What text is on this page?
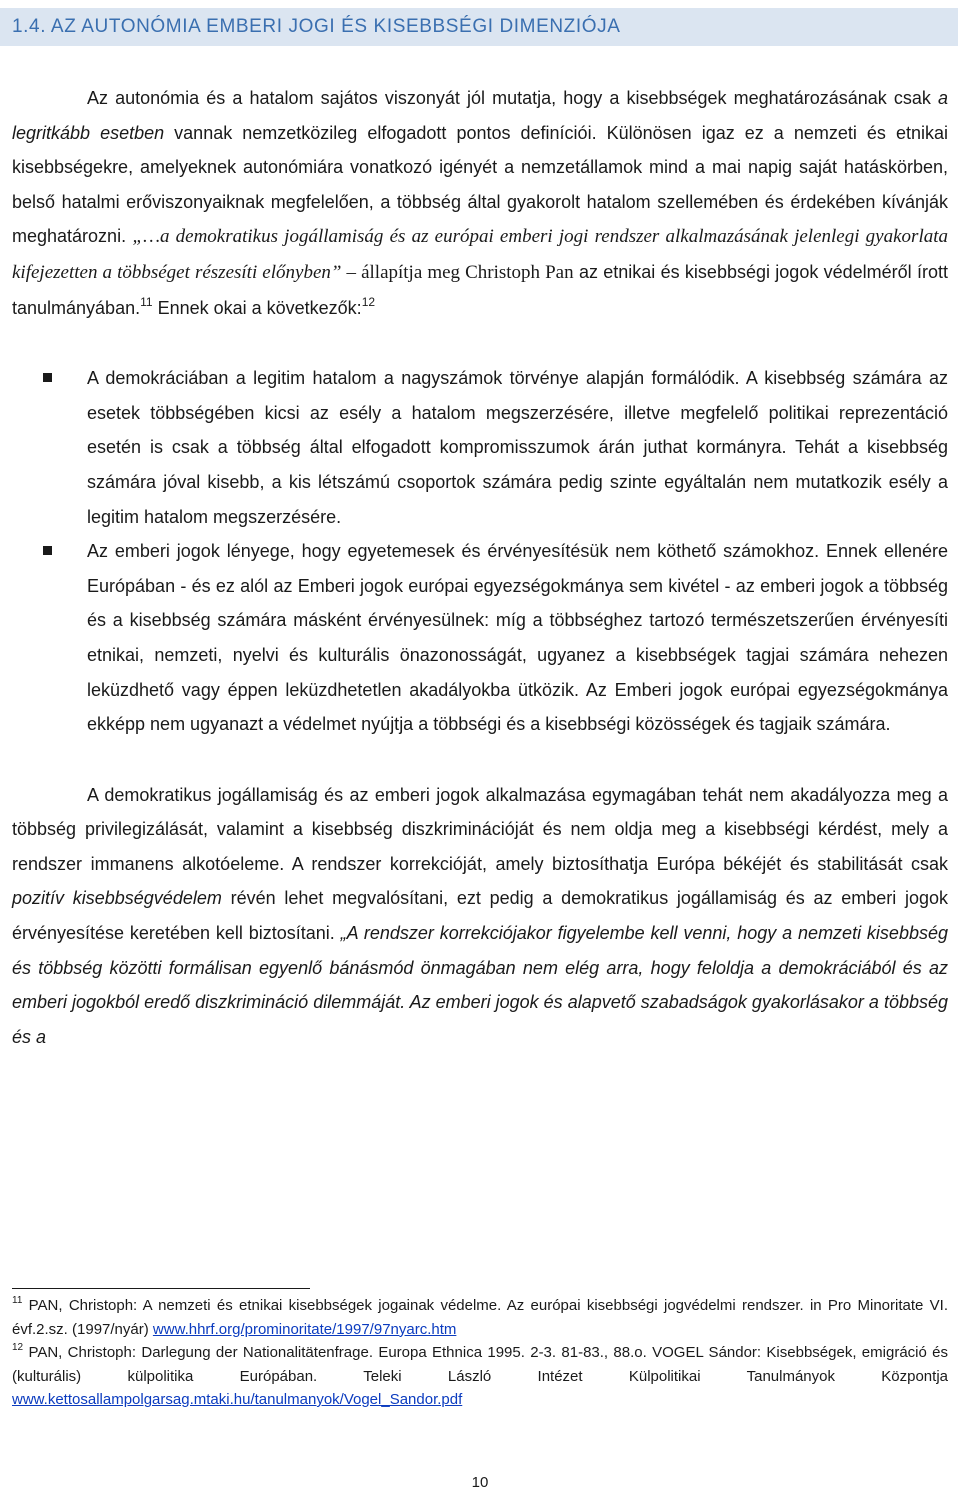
1.4. AZ AUTONÓMIA EMBERI JOGI ÉS KISEBBSÉGI DIMENZIÓJA

Az autonómia és a hatalom sajátos viszonyát jól mutatja, hogy a kisebbségek meghatározásának csak a legritkább esetben vannak nemzetközileg elfogadott pontos definíciói. Különösen igaz ez a nemzeti és etnikai kisebbségekre, amelyeknek autonómiára vonatkozó igényét a nemzetállamok mind a mai napig saját hatáskörben, belső hatalmi erőviszonyaiknak megfelelően, a többség által gyakorolt hatalom szellemében és érdekében kívánják meghatározni. „…a demokratikus jogállamiság és az európai emberi jogi rendszer alkalmazásának jelenlegi gyakorlata kifejezetten a többséget részesíti előnyben” – állapítja meg Christoph Pan az etnikai és kisebbségi jogok védelméről írott tanulmányában.$^{11}$ Ennek okai a következők:$^{12}$

A demokráciában a legitim hatalom a nagyszámok törvénye alapján formálódik. A kisebbség számára az esetek többségében kicsi az esély a hatalom megszerzésére, illetve megfelelő politikai reprezentáció esetén is csak a többség által elfogadott kompromisszumok árán juthat kormányra. Tehát a kisebbség számára jóval kisebb, a kis létszámú csoportok számára pedig szinte egyáltalán nem mutatkozik esély a legitim hatalom megszerzésére.
Az emberi jogok lényege, hogy egyetemesek és érvényesítésük nem köthető számokhoz. Ennek ellenére Európában - és ez alól az Emberi jogok európai egyezségokmánya sem kivétel - az emberi jogok a többség és a kisebbség számára másként érvényesülnek: míg a többséghez tartozó természetszerűen érvényesíti etnikai, nemzeti, nyelvi és kulturális önazonosságát, ugyanez a kisebbségek tagjai számára nehezen leküzdhető vagy éppen leküzdhetetlen akadályokba ütközik. Az Emberi jogok európai egyezségokmánya ekképp nem ugyanazt a védelmet nyújtja a többségi és a kisebbségi közösségek és tagjaik számára.

A demokratikus jogállamiság és az emberi jogok alkalmazása egymagában tehát nem akadályozza meg a többség privilegizálását, valamint a kisebbség diszkriminációját és nem oldja meg a kisebbségi kérdést, mely a rendszer immanens alkotóeleme. A rendszer korrekcióját, amely biztosíthatja Európa békéjét és stabilitását csak pozitív kisebbségvédelem révén lehet megvalósítani, ezt pedig a demokratikus jogállamiság és az emberi jogok érvényesítése keretében kell biztosítani. „A rendszer korrekciójakor figyelembe kell venni, hogy a nemzeti kisebbség és többség közötti formálisan egyenlő bánásmód önmagában nem elég arra, hogy feloldja a demokráciából és az emberi jogokból eredő diszkrimináció dilemmáját. Az emberi jogok és alapvető szabadságok gyakorlásakor a többség és a

$^{11}$ PAN, Christoph: A nemzeti és etnikai kisebbségek jogainak védelme. Az európai kisebbségi jogvédelmi rendszer. in Pro Minoritate VI. évf.2.sz. (1997/nyár) www.hhrf.org/prominoritate/1997/97nyarc.htm

$^{12}$ PAN, Christoph: Darlegung der Nationalitätenfrage. Europa Ethnica 1995. 2-3. 81-83., 88.o. VOGEL Sándor: Kisebbségek, emigráció és (kulturális) külpolitika Európában. Teleki László Intézet Külpolitikai Tanulmányok Központja www.kettosallampolgarsag.mtaki.hu/tanulmanyok/Vogel_Sandor.pdf

10
